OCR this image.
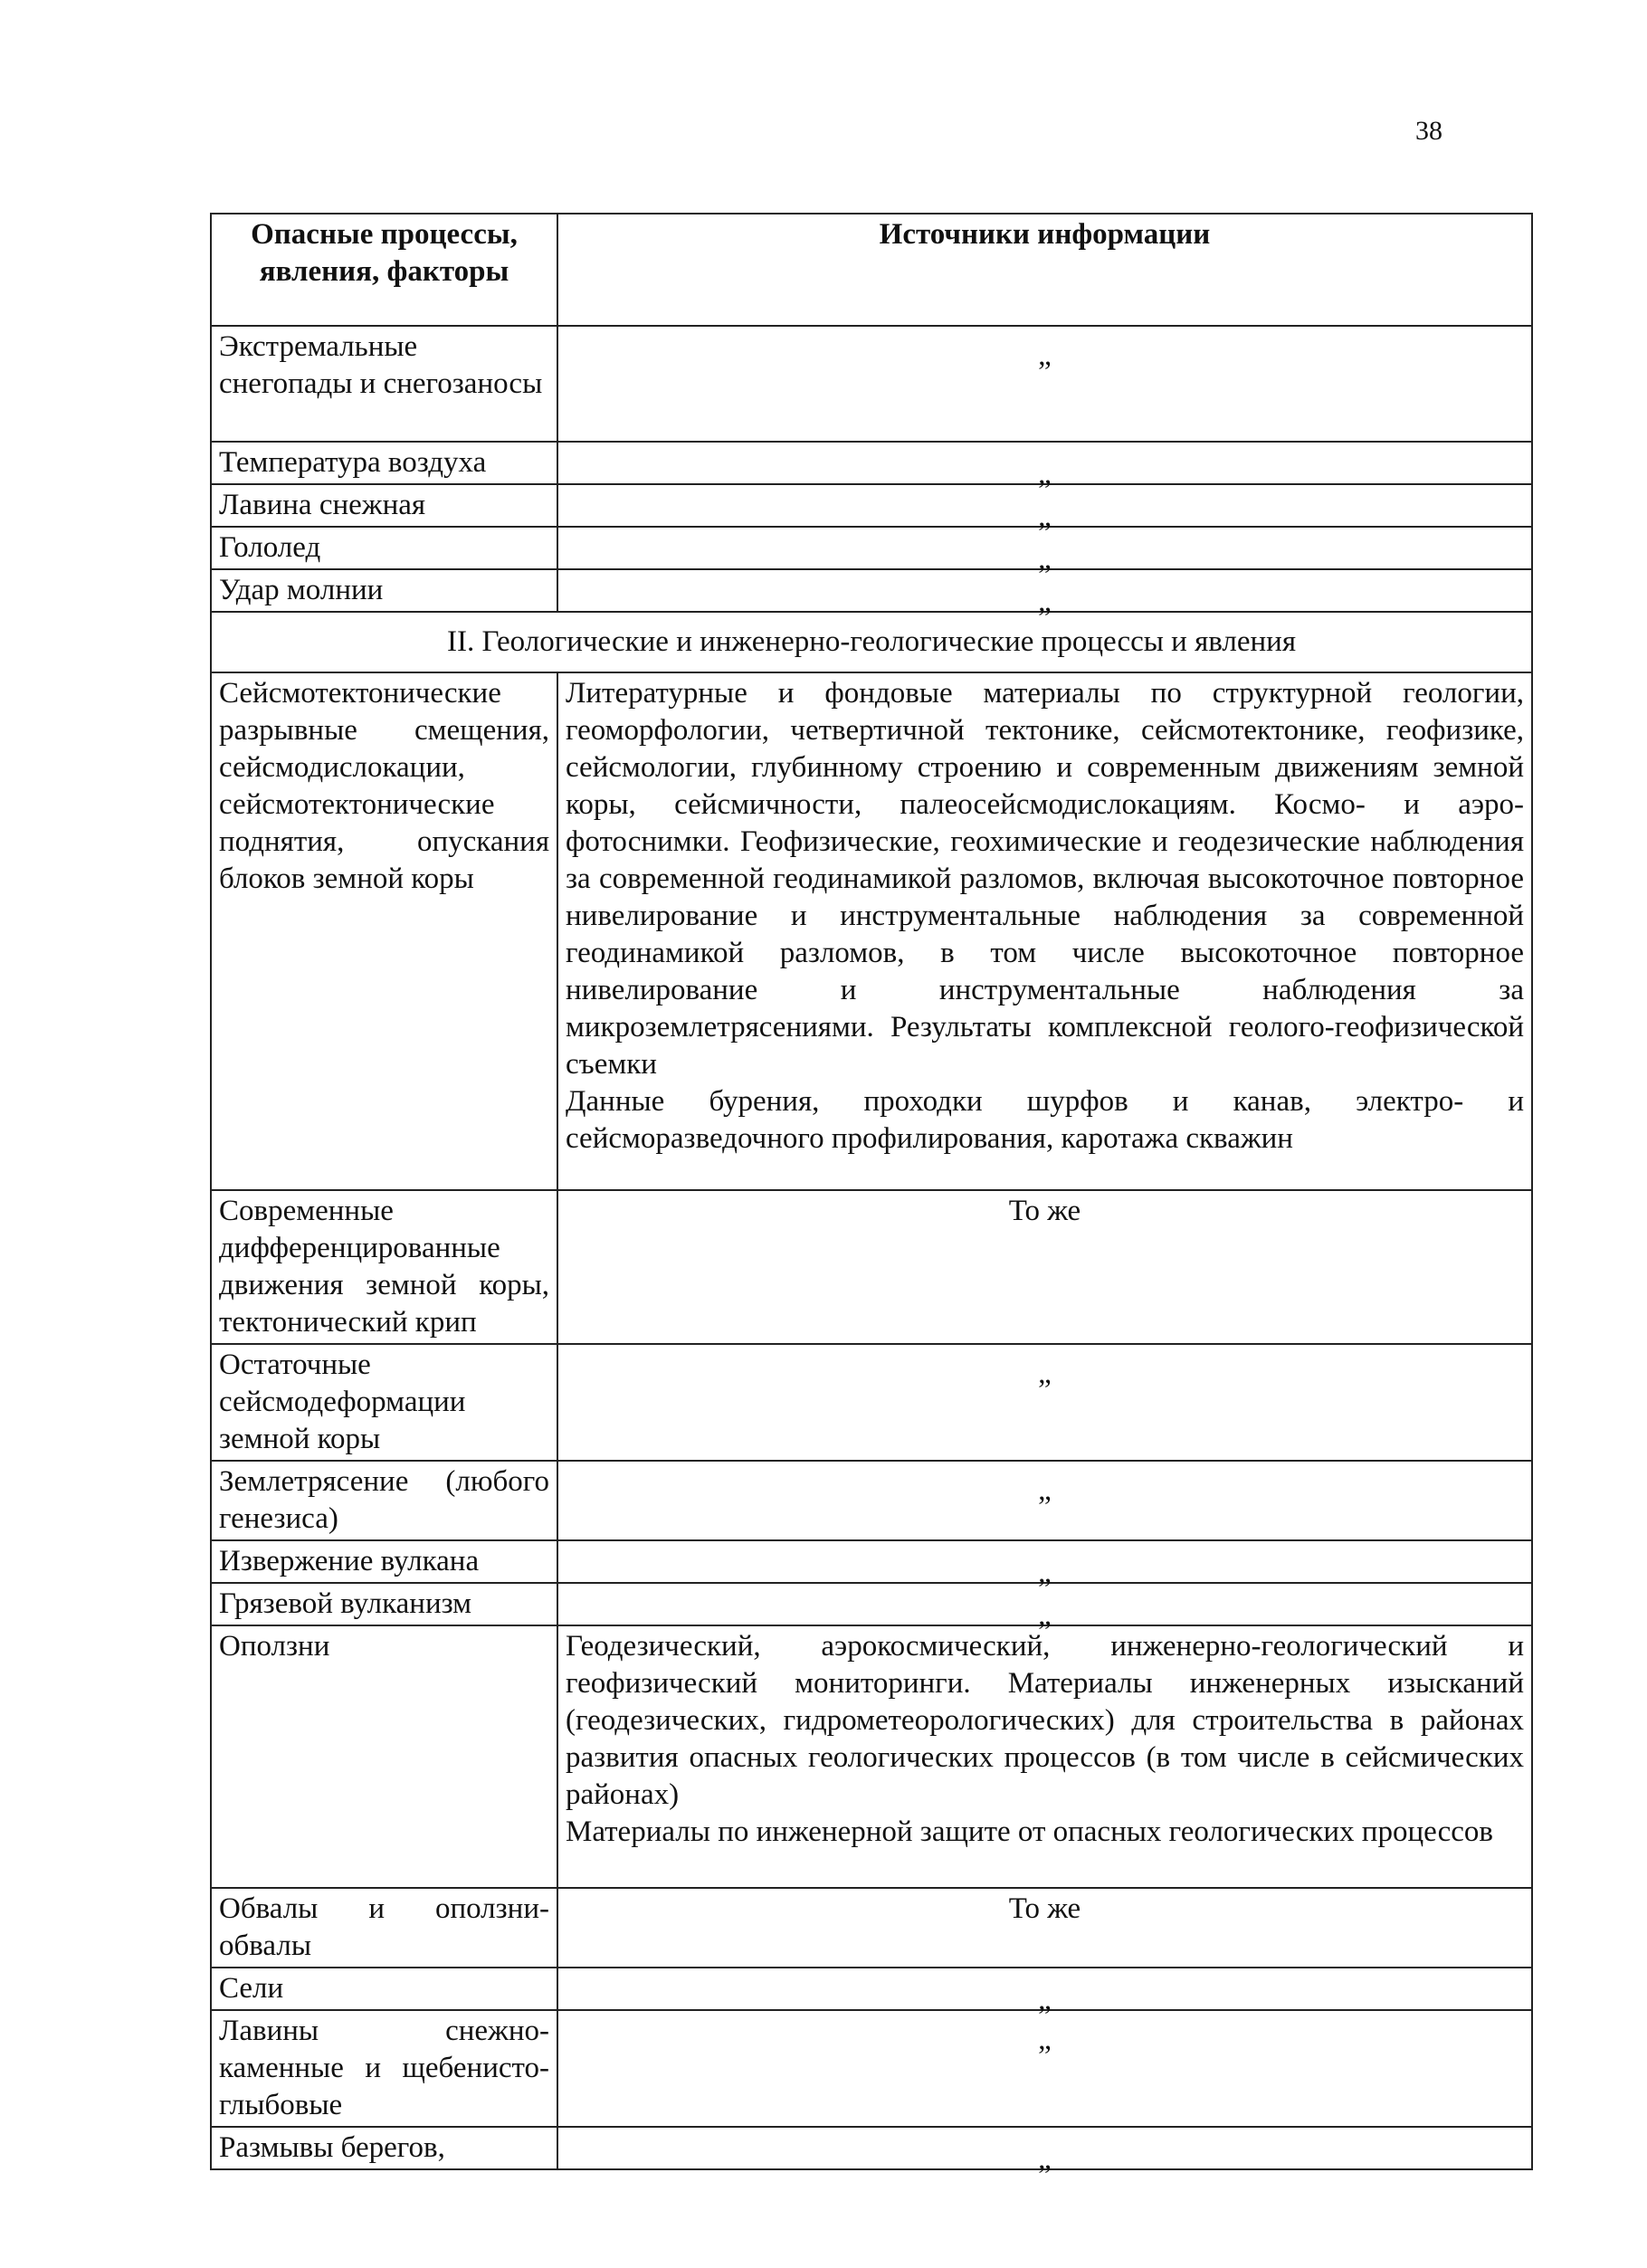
38
Опасные процессы, явления, факторы	Источники информации
Экстремальные снегопады и снегозаносы	„
Температура воздуха	„
Лавина снежная	„
Гололед	„
Удар молнии	„
II. Геологические и инженерно-геологические процессы и явления	
Сейсмотектонические разрывные смещения, сейсмодислокации, сейсмотектонические поднятия, опускания блоков земной коры	Литературные и фондовые материалы по структурной геологии, геоморфологии, четвертичной тектонике, сейсмотектонике, геофизике, сейсмологии, глубинному строению и современным движениям земной коры, сейсмичности, палеосейсмодислокациям. Космо- и аэро- фотоснимки. Геофизические, геохимические и геодезические наблюдения за современной геодинамикой разломов, включая высокоточное повторное нивелирование и инструментальные наблюдения за современной геодинамикой разломов, в том числе высокоточное повторное нивелирование и инструментальные наблюдения за микроземлетрясениями. Результаты комплексной геолого-геофизической съемки
Данные бурения, проходки шурфов и канав, электро- и сейсморазведочного профилирования, каротажа скважин

Современные дифференцированные движения земной коры, тектонический крип	То же
Остаточные сейсмодеформации земной коры	„
Землетрясение (любого генезиса)	„
Извержение вулкана	„
Грязевой вулканизм	„
Оползни	Геодезический, аэрокосмический, инженерно-геологический и геофизический мониторинги. Материалы инженерных изысканий (геодезических, гидрометеорологических) для строительства в районах развития опасных геологических процессов (в том числе в сейсмических районах)
Материалы по инженерной защите от опасных геологических процессов

Обвалы и оползни-обвалы	То же
Сели	„
Лавины снежно-каменные и щебенисто-глыбовые	„
Размывы берегов,	„
